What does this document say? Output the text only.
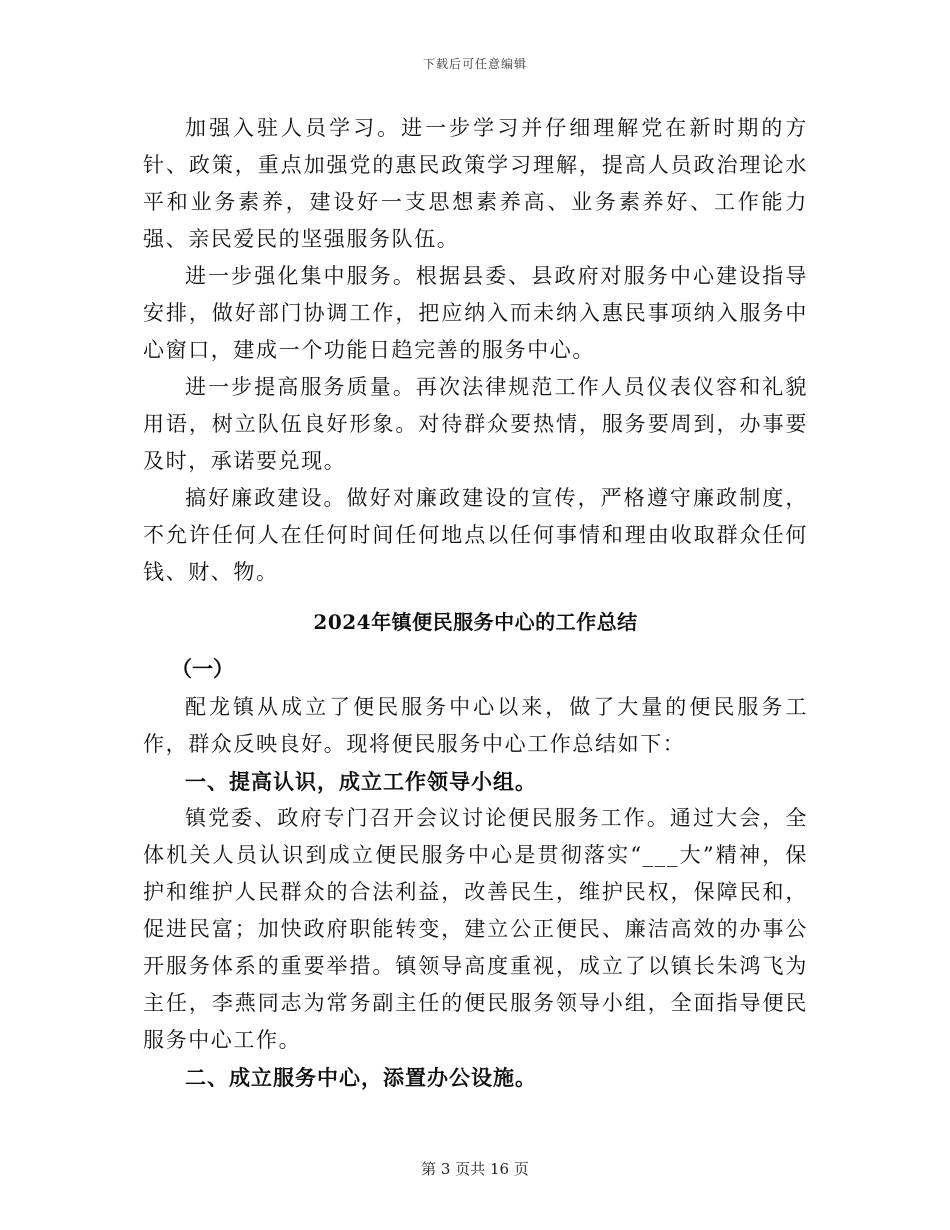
下载后可任意编辑

加强入驻人员学习。进一步学习并仔细理解党在新时期的方针、政策，重点加强党的惠民政策学习理解，提高人员政治理论水平和业务素养，建设好一支思想素养高、业务素养好、工作能力强、亲民爱民的坚强服务队伍。

进一步强化集中服务。根据县委、县政府对服务中心建设指导安排，做好部门协调工作，把应纳入而未纳入惠民事项纳入服务中心窗口，建成一个功能日趋完善的服务中心。

进一步提高服务质量。再次法律规范工作人员仪表仪容和礼貌用语，树立队伍良好形象。对待群众要热情，服务要周到，办事要及时，承诺要兑现。

搞好廉政建设。做好对廉政建设的宣传，严格遵守廉政制度，不允许任何人在任何时间任何地点以任何事情和理由收取群众任何钱、财、物。

2024年镇便民服务中心的工作总结

（一）

配龙镇从成立了便民服务中心以来，做了大量的便民服务工作，群众反映良好。现将便民服务中心工作总结如下：

一、提高认识，成立工作领导小组。

镇党委、政府专门召开会议讨论便民服务工作。通过大会，全体机关人员认识到成立便民服务中心是贯彻落实“___大”精神，保护和维护人民群众的合法利益，改善民生，维护民权，保障民和，促进民富；加快政府职能转变，建立公正便民、廉洁高效的办事公开服务体系的重要举措。镇领导高度重视，成立了以镇长朱鸿飞为主任，李燕同志为常务副主任的便民服务领导小组，全面指导便民服务中心工作。

二、成立服务中心，添置办公设施。

第 3 页共 16 页
